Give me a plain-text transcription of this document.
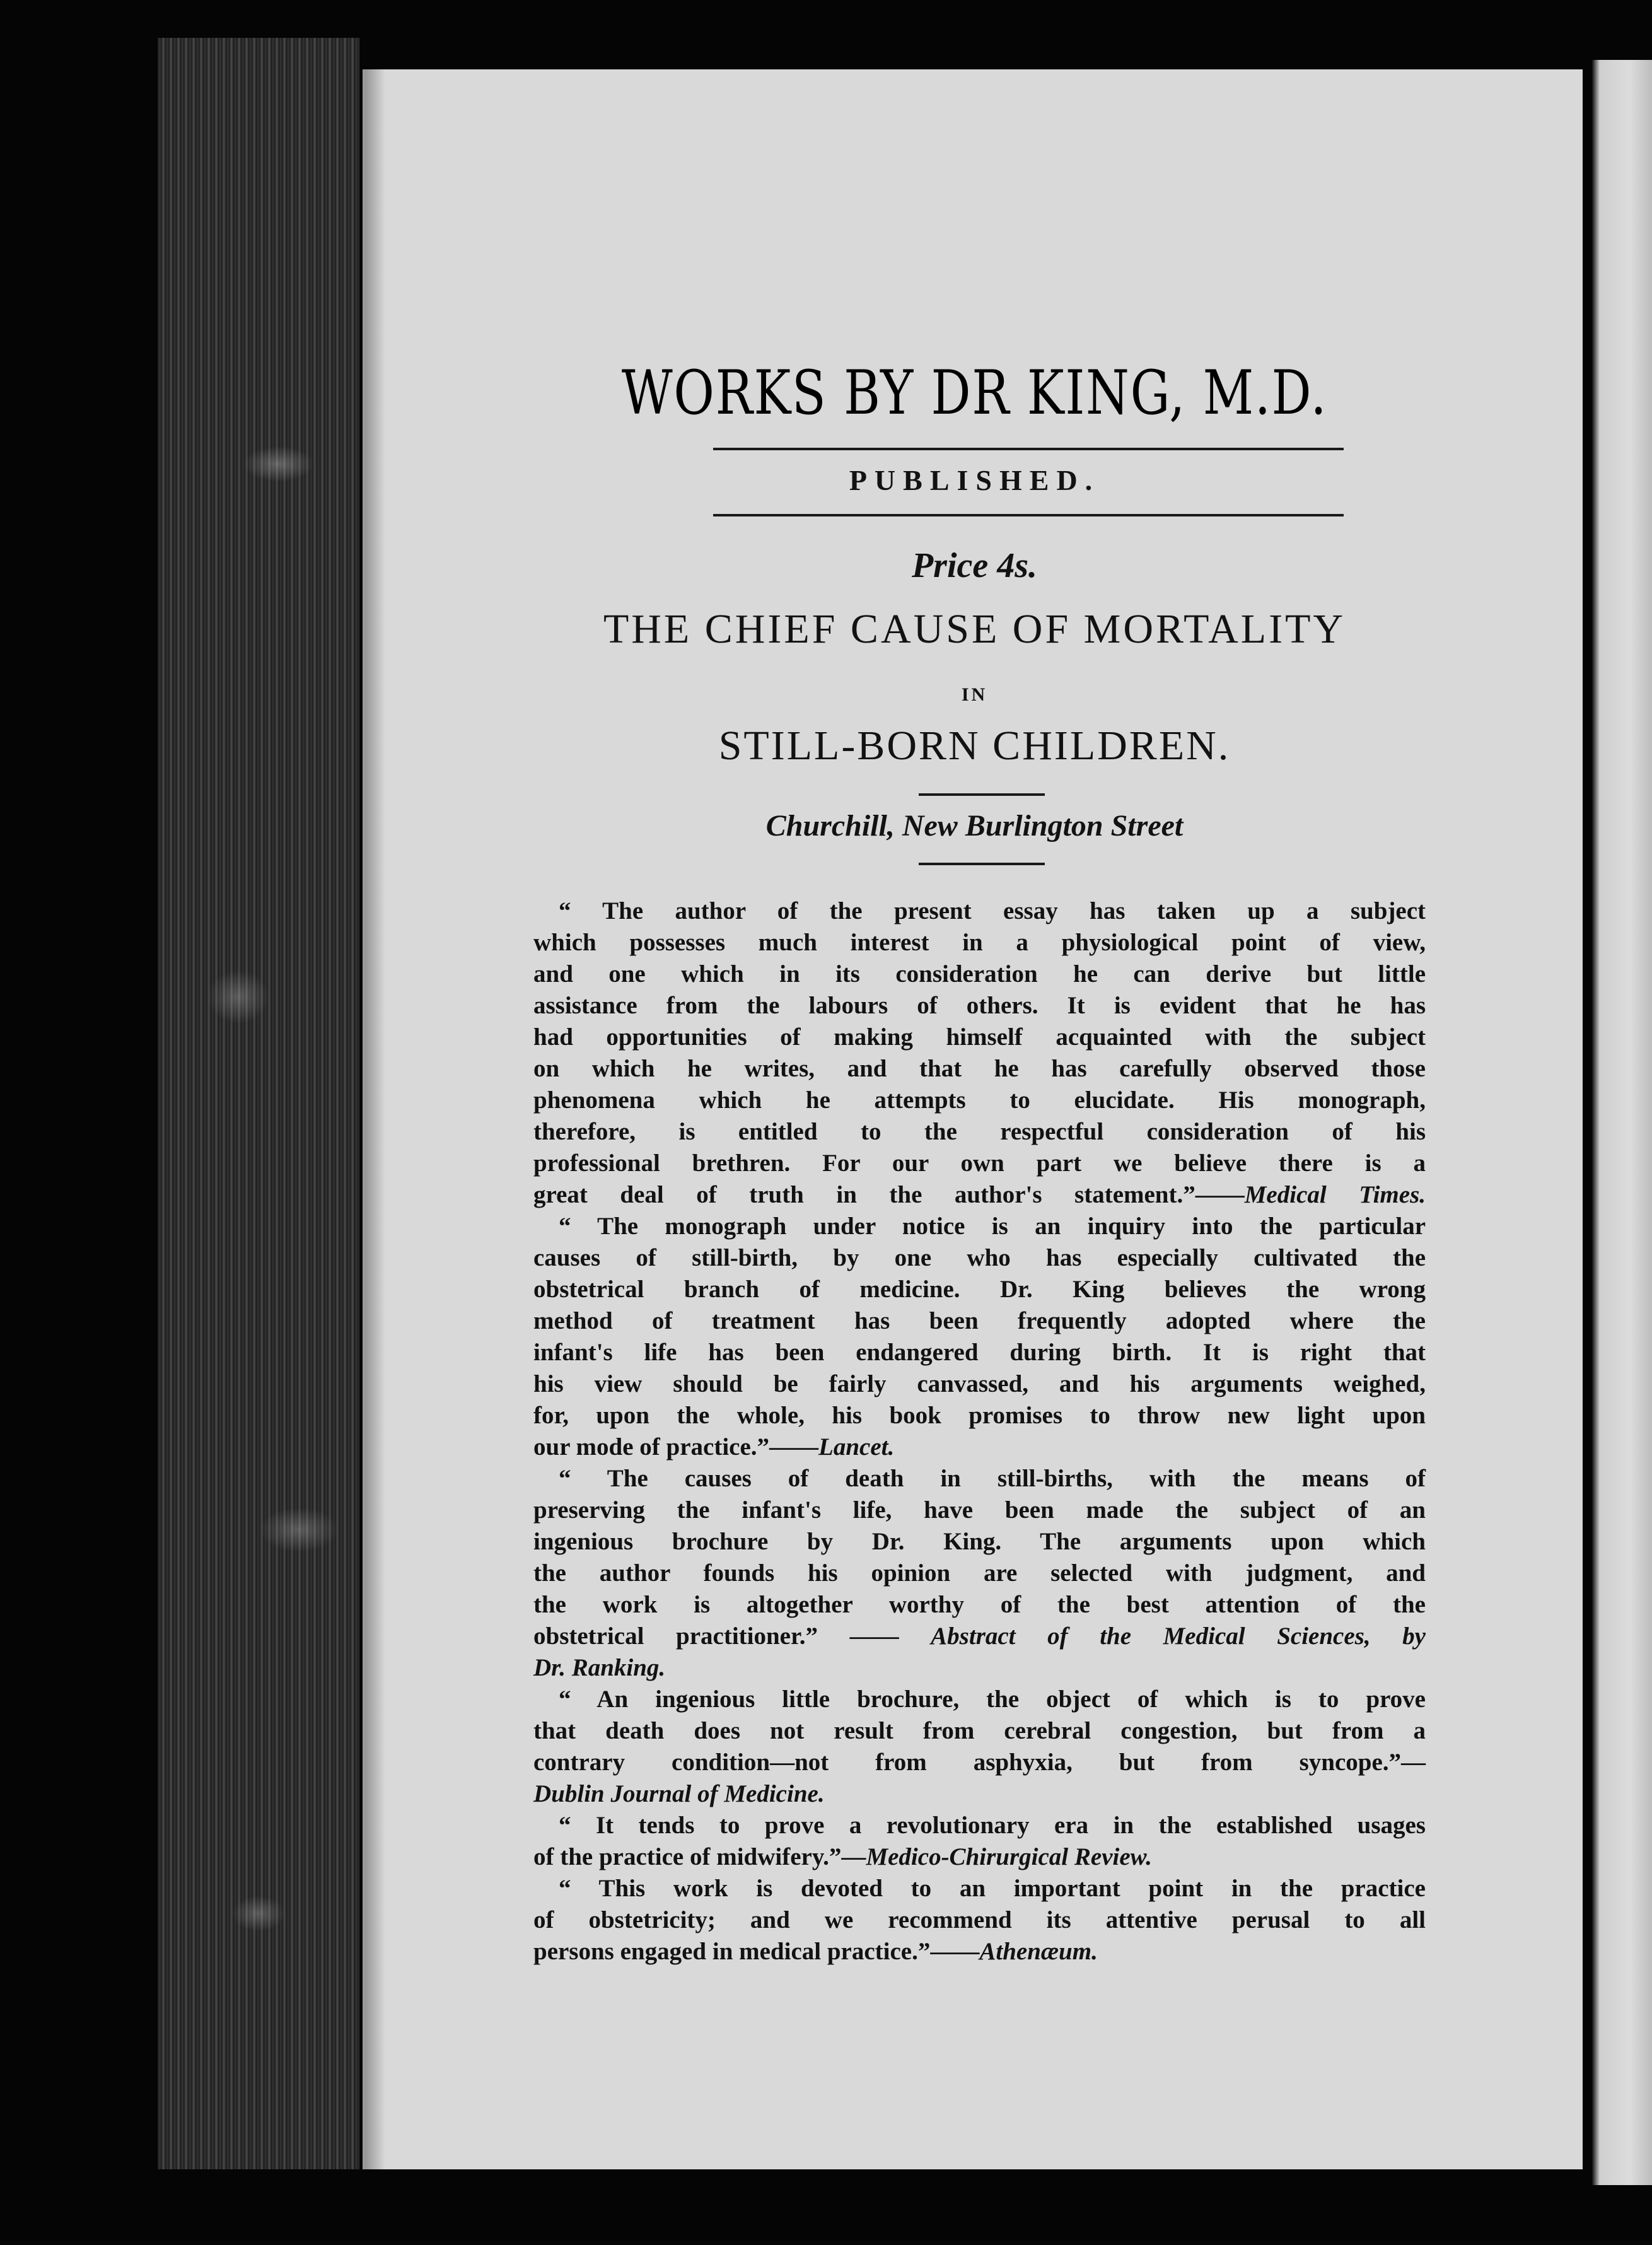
WORKS BY DR KING, M.D.
PUBLISHED.
Price 4s.
THE CHIEF CAUSE OF MORTALITY
IN
STILL-BORN CHILDREN.
Churchill, New Burlington Street
“ The author of the present essay has taken up a subject
which possesses much interest in a physiological point of view,
and one which in its consideration he can derive but little
assistance from the labours of others. It is evident that he has
had opportunities of making himself acquainted with the subject
on which he writes, and that he has carefully observed those
phenomena which he attempts to elucidate. His monograph,
therefore, is entitled to the respectful consideration of his
professional brethren. For our own part we believe there is a
great deal of truth in the author's statement.”——Medical Times.
“ The monograph under notice is an inquiry into the particular
causes of still-birth, by one who has especially cultivated the
obstetrical branch of medicine. Dr. King believes the wrong
method of treatment has been frequently adopted where the
infant's life has been endangered during birth. It is right that
his view should be fairly canvassed, and his arguments weighed,
for, upon the whole, his book promises to throw new light upon
our mode of practice.”——Lancet.
“ The causes of death in still-births, with the means of
preserving the infant's life, have been made the subject of an
ingenious brochure by Dr. King. The arguments upon which
the author founds his opinion are selected with judgment, and
the work is altogether worthy of the best attention of the
obstetrical practitioner.” —— Abstract of the Medical Sciences, by
Dr. Ranking.
“ An ingenious little brochure, the object of which is to prove
that death does not result from cerebral congestion, but from a
contrary condition—not from asphyxia, but from syncope.”—
Dublin Journal of Medicine.
“ It tends to prove a revolutionary era in the established usages
of the practice of midwifery.”—Medico-Chirurgical Review.
“ This work is devoted to an important point in the practice
of obstetricity; and we recommend its attentive perusal to all
persons engaged in medical practice.”——Athenæum.
